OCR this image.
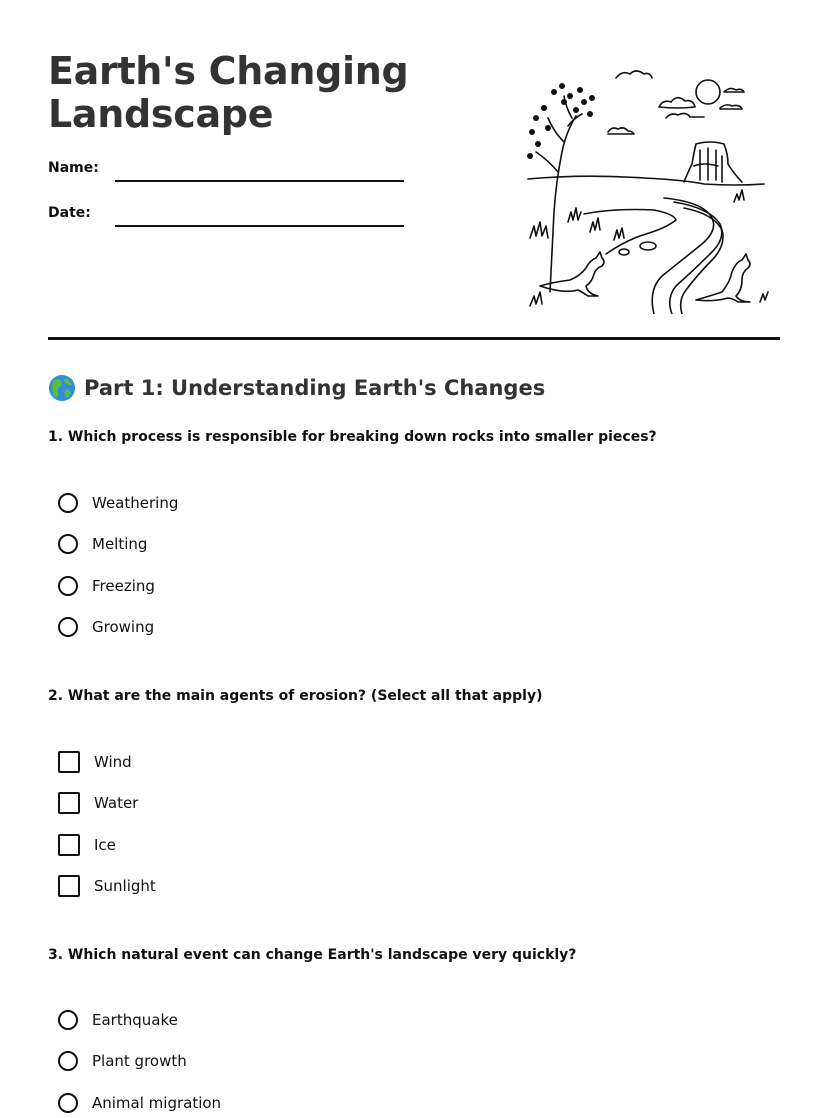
Earth's Changing
Landscape
Name:
Date:
Part 1: Understanding Earth's Changes
1. Which process is responsible for breaking down rocks into smaller pieces?
Weathering
Melting
Freezing
Growing
2. What are the main agents of erosion? (Select all that apply)
Wind
Water
Ice
Sunlight
3. Which natural event can change Earth's landscape very quickly?
Earthquake
Plant growth
Animal migration
